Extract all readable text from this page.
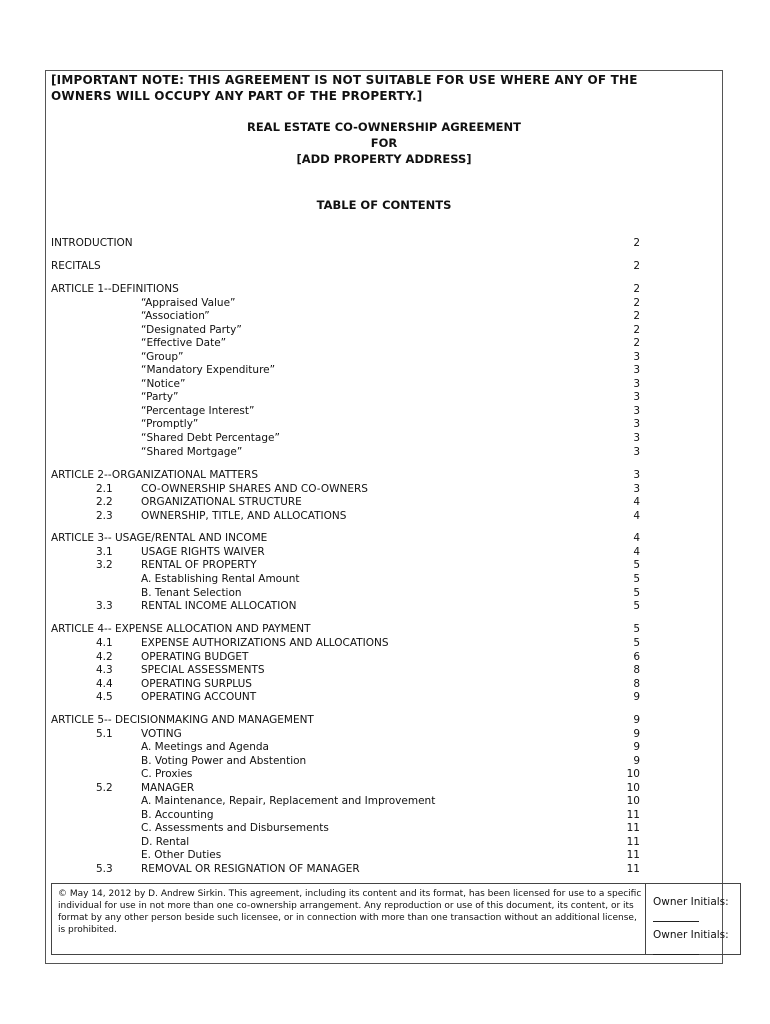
[IMPORTANT NOTE: THIS AGREEMENT IS NOT SUITABLE FOR USE WHERE ANY OF THE OWNERS WILL OCCUPY ANY PART OF THE PROPERTY.]
REAL ESTATE CO-OWNERSHIP AGREEMENT
FOR
[ADD PROPERTY ADDRESS]
TABLE OF CONTENTS
INTRODUCTION	2
RECITALS	2
ARTICLE 1--DEFINITIONS	2
“Appraised Value”	2
“Association”	2
“Designated Party”	2
“Effective Date”	2
“Group”	3
“Mandatory Expenditure”	3
“Notice”	3
“Party”	3
“Percentage Interest”	3
“Promptly”	3
“Shared Debt Percentage”	3
“Shared Mortgage”	3
ARTICLE 2--ORGANIZATIONAL MATTERS	3
2.1	CO-OWNERSHIP SHARES AND CO-OWNERS	3
2.2	ORGANIZATIONAL STRUCTURE	4
2.3	OWNERSHIP, TITLE, AND ALLOCATIONS	4
ARTICLE 3-- USAGE/RENTAL AND INCOME	4
3.1	USAGE RIGHTS WAIVER	4
3.2	RENTAL OF PROPERTY	5
A. Establishing Rental Amount	5
B. Tenant Selection	5
3.3	RENTAL INCOME ALLOCATION	5
ARTICLE 4-- EXPENSE ALLOCATION AND PAYMENT	5
4.1	EXPENSE AUTHORIZATIONS AND ALLOCATIONS	5
4.2	OPERATING BUDGET	6
4.3	SPECIAL ASSESSMENTS	8
4.4	OPERATING SURPLUS	8
4.5	OPERATING ACCOUNT	9
ARTICLE 5-- DECISIONMAKING AND MANAGEMENT	9
5.1	VOTING	9
A. Meetings and Agenda	9
B. Voting Power and Abstention	9
C. Proxies	10
5.2	MANAGER	10
A. Maintenance, Repair, Replacement and Improvement	10
B. Accounting	11
C. Assessments and Disbursements	11
D. Rental	11
E. Other Duties	11
5.3	REMOVAL OR RESIGNATION OF MANAGER	11
© May 14, 2012 by D. Andrew Sirkin. This agreement, including its content and its format, has been licensed for use to a specific individual for use in not more than one co-ownership arrangement. Any reproduction or use of this document, its content, or its format by any other person beside such licensee, or in connection with more than one transaction without an additional license, is prohibited.
Owner Initials:
Owner Initials:
